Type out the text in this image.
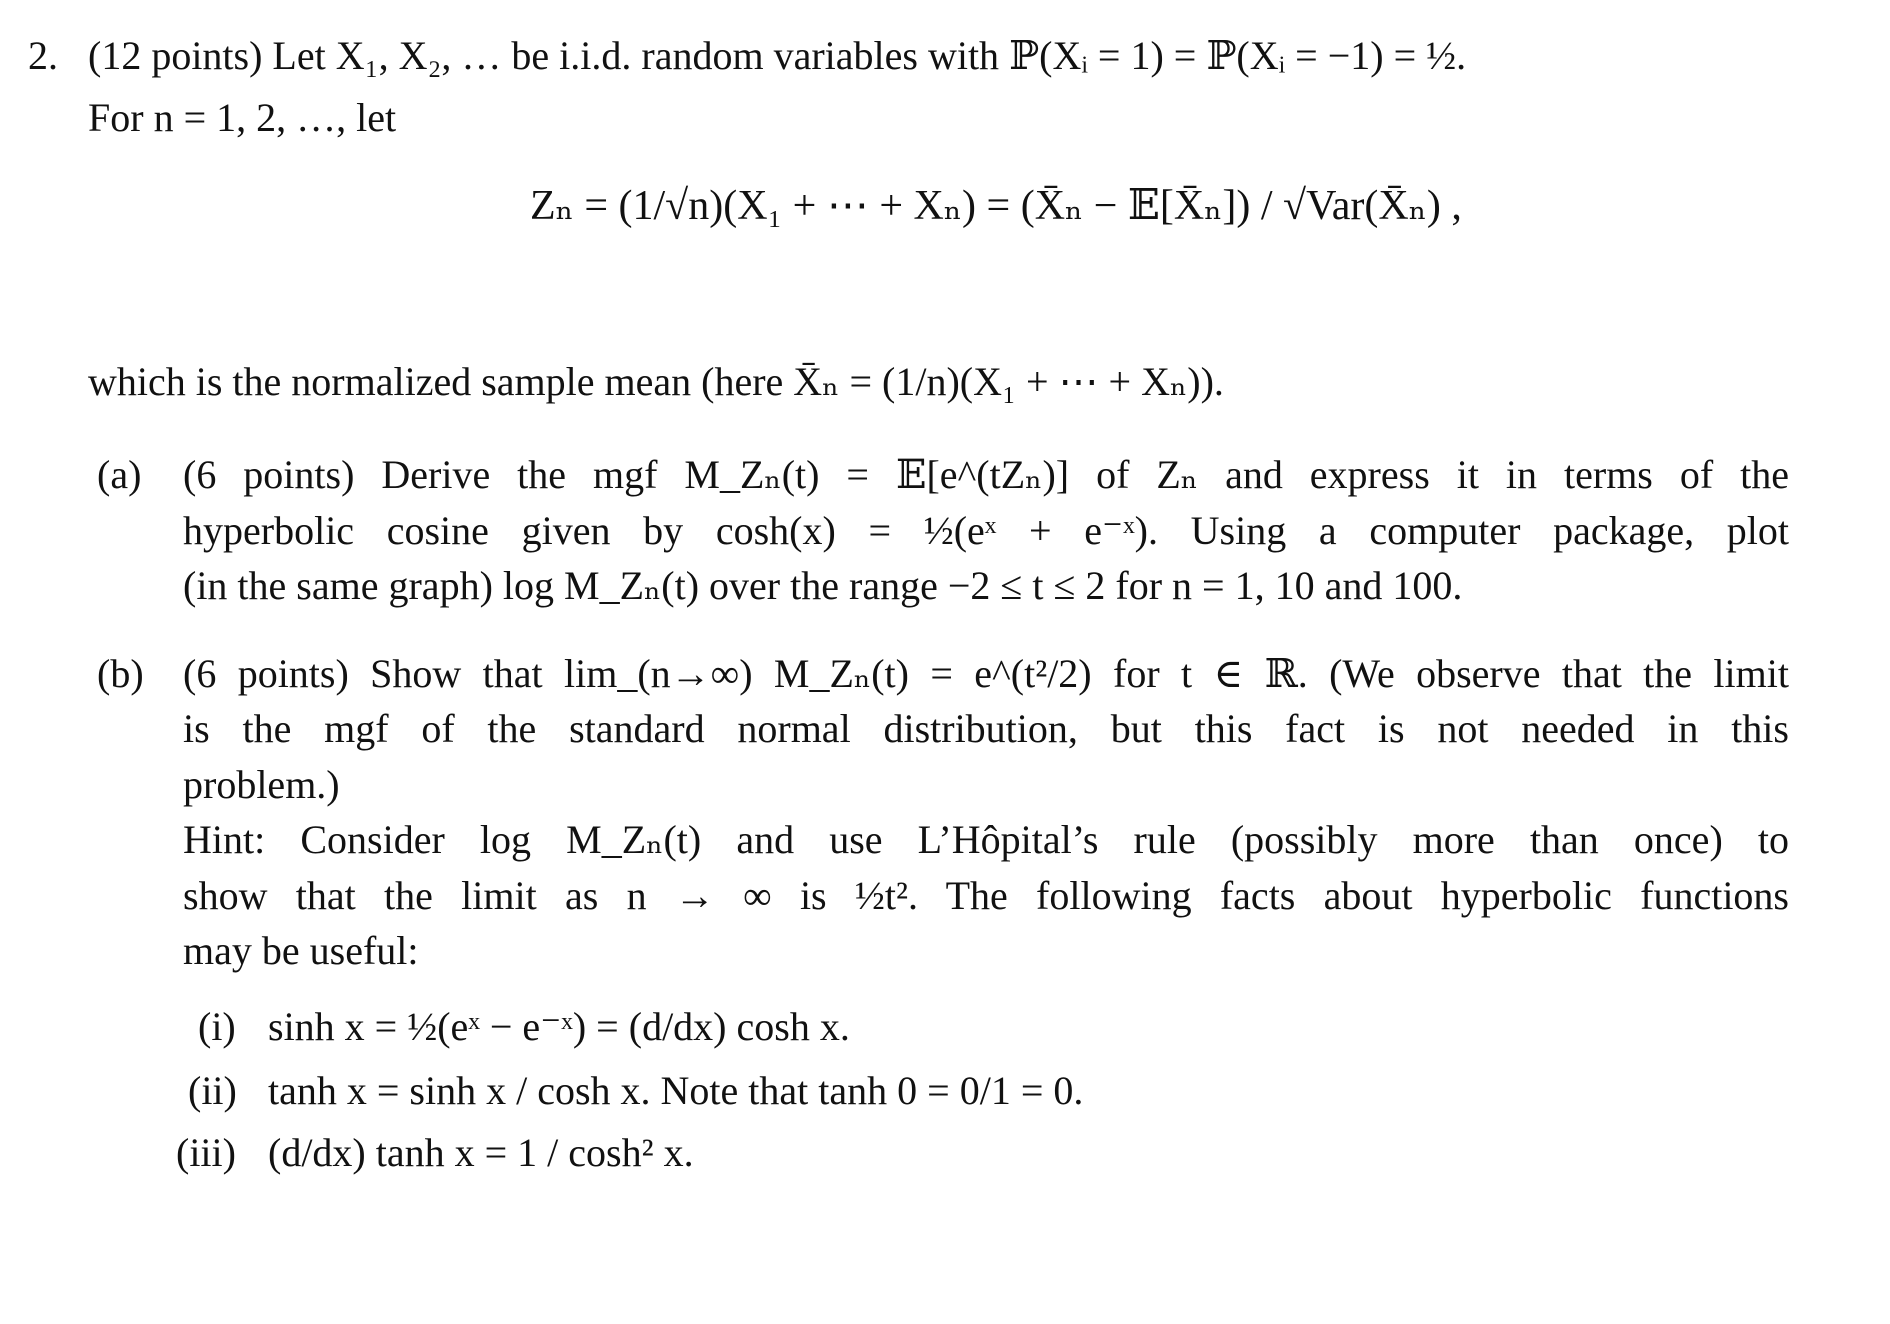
2. (12 points) Let X₁, X₂, … be i.i.d. random variables with ℙ(Xᵢ = 1) = ℙ(Xᵢ = −1) = ½.
For n = 1, 2, …, let
Zₙ = (1/√n)(X₁ + ⋯ + Xₙ) = (X̄ₙ − 𝔼[X̄ₙ]) / √Var(X̄ₙ) ,
which is the normalized sample mean (here X̄ₙ = (1/n)(X₁ + ⋯ + Xₙ)).
(a) (6 points) Derive the mgf M_Zₙ(t) = 𝔼[e^(tZₙ)] of Zₙ and express it in terms of the
hyperbolic cosine given by cosh(x) = ½(eˣ + e⁻ˣ). Using a computer package, plot
(in the same graph) log M_Zₙ(t) over the range −2 ≤ t ≤ 2 for n = 1, 10 and 100.
(b) (6 points) Show that lim_(n→∞) M_Zₙ(t) = e^(t²/2) for t ∈ ℝ. (We observe that the limit
is the mgf of the standard normal distribution, but this fact is not needed in this
problem.)
Hint: Consider log M_Zₙ(t) and use L’Hôpital’s rule (possibly more than once) to
show that the limit as n → ∞ is ½t². The following facts about hyperbolic functions
may be useful:
(i) sinh x = ½(eˣ − e⁻ˣ) = (d/dx) cosh x.
(ii) tanh x = sinh x / cosh x. Note that tanh 0 = 0/1 = 0.
(iii) (d/dx) tanh x = 1 / cosh² x.
